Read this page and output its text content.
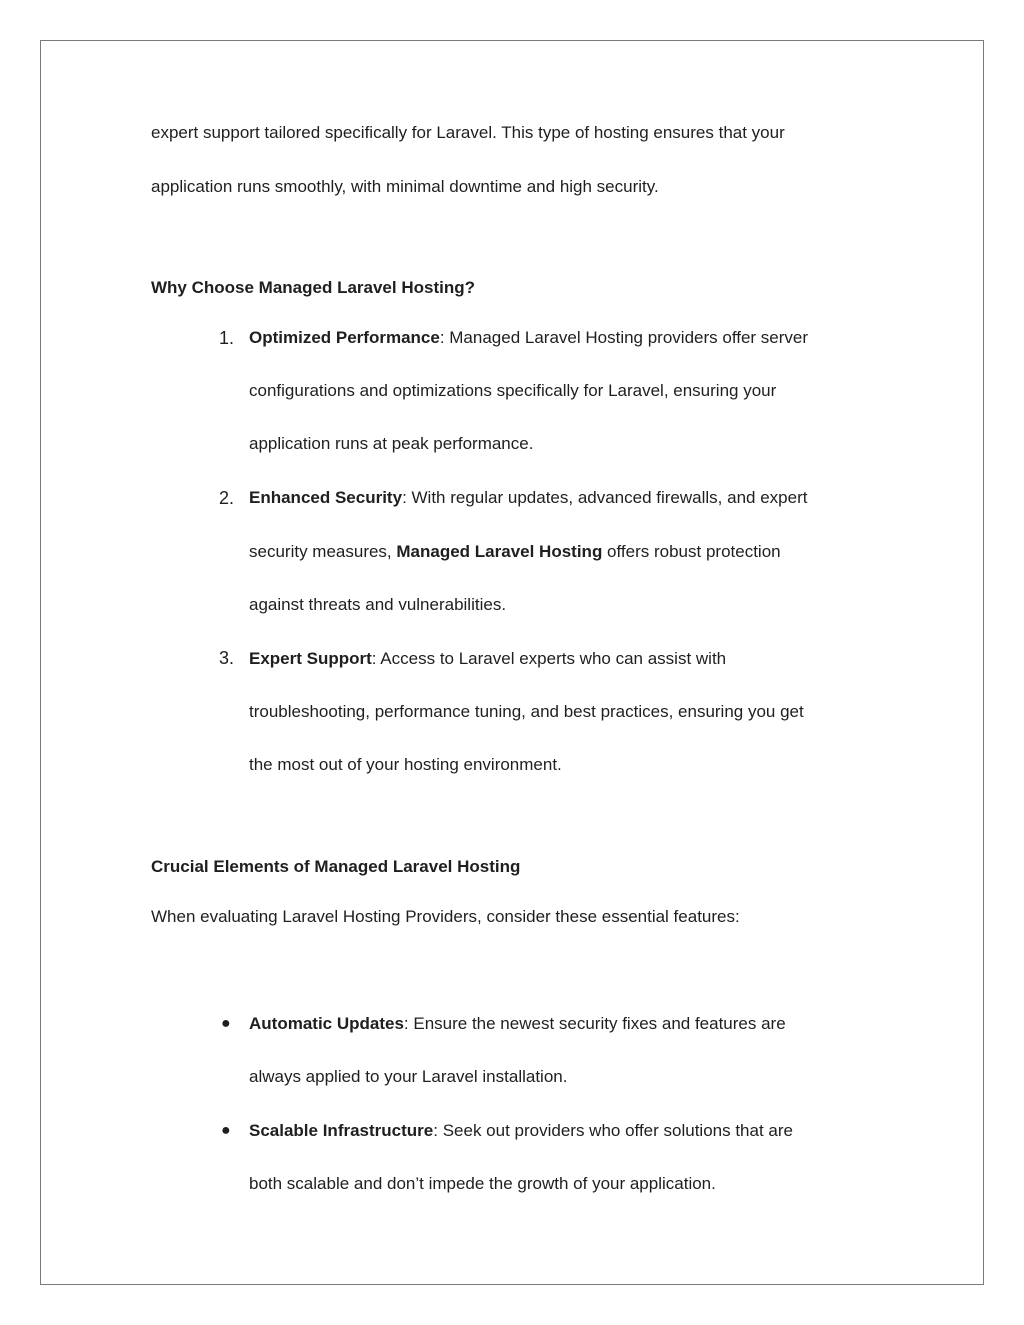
expert support tailored specifically for Laravel. This type of hosting ensures that your
application runs smoothly, with minimal downtime and high security.
Why Choose Managed Laravel Hosting?
1. Optimized Performance: Managed Laravel Hosting providers offer server
configurations and optimizations specifically for Laravel, ensuring your
application runs at peak performance.
2. Enhanced Security: With regular updates, advanced firewalls, and expert
security measures, Managed Laravel Hosting offers robust protection
against threats and vulnerabilities.
3. Expert Support: Access to Laravel experts who can assist with
troubleshooting, performance tuning, and best practices, ensuring you get
the most out of your hosting environment.
Crucial Elements of Managed Laravel Hosting
When evaluating Laravel Hosting Providers, consider these essential features:
● Automatic Updates: Ensure the newest security fixes and features are
always applied to your Laravel installation.
● Scalable Infrastructure: Seek out providers who offer solutions that are
both scalable and don’t impede the growth of your application.
